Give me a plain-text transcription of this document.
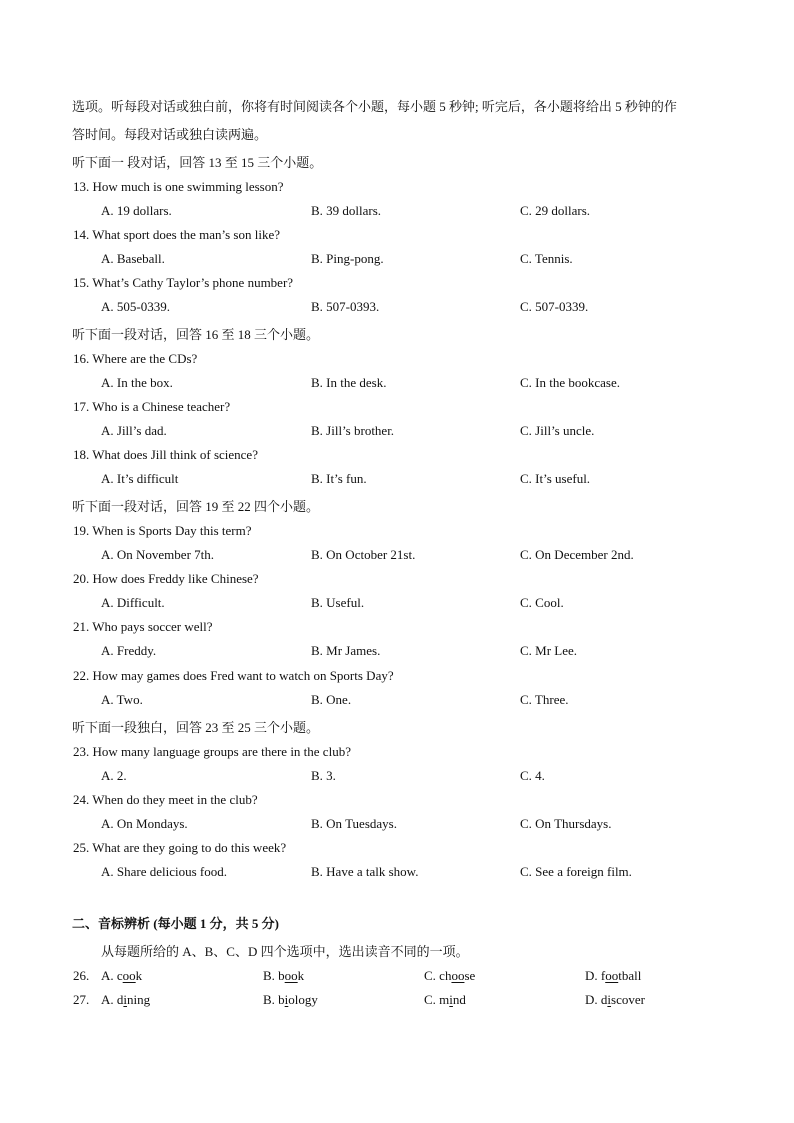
选项。听每段对话或独白前，你将有时间阅读各个小题，每小题 5 秒钟; 听完后，各小题将给出 5 秒钟的作
答时间。每段对话或独白读两遍。
听下面一 段对话，回答 13 至 15 三个小题。
13. How much is one swimming lesson?
A. 19 dollars.	B. 39 dollars.	C. 29 dollars.
14. What sport does the man’s son like?
A. Baseball.	B. Ping-pong.	C. Tennis.
15. What’s Cathy Taylor’s phone number?
A. 505-0339.	B. 507-0393.	C. 507-0339.
听下面一段对话，回答 16 至 18 三个小题。
16. Where are the CDs?
A. In the box.	B. In the desk.	C. In the bookcase.
17. Who is a Chinese teacher?
A. Jill’s dad.	B. Jill’s brother.	C. Jill’s uncle.
18. What does Jill think of science?
A. It’s difficult	B. It’s fun.	C. It’s useful.
听下面一段对话，回答 19 至 22 四个小题。
19. When is Sports Day this term?
A. On November 7th.	B. On October 21st.	C. On December 2nd.
20. How does Freddy like Chinese?
A. Difficult.	B. Useful.	C. Cool.
21. Who pays soccer well?
A. Freddy.	B. Mr James.	C. Mr Lee.
22. How may games does Fred want to watch on Sports Day?
A. Two.	B. One.	C. Three.
听下面一段独白，回答 23 至 25 三个小题。
23. How many language groups are there in the club?
A. 2.	B. 3.	C. 4.
24. When do they meet in the club?
A. On Mondays.	B. On Tuesdays.	C. On Thursdays.
25. What are they going to do this week?
A. Share delicious food.	B. Have a talk show.	C. See a foreign film.
二、音标辨析 (每小题 1 分，共 5 分)
从每题所给的 A、B、C、D 四个选项中，选出读音不同的一项。
26. A. cook	B. book	C. choose	D. football
27. A. dining	B. biology	C. mind	D. discover
